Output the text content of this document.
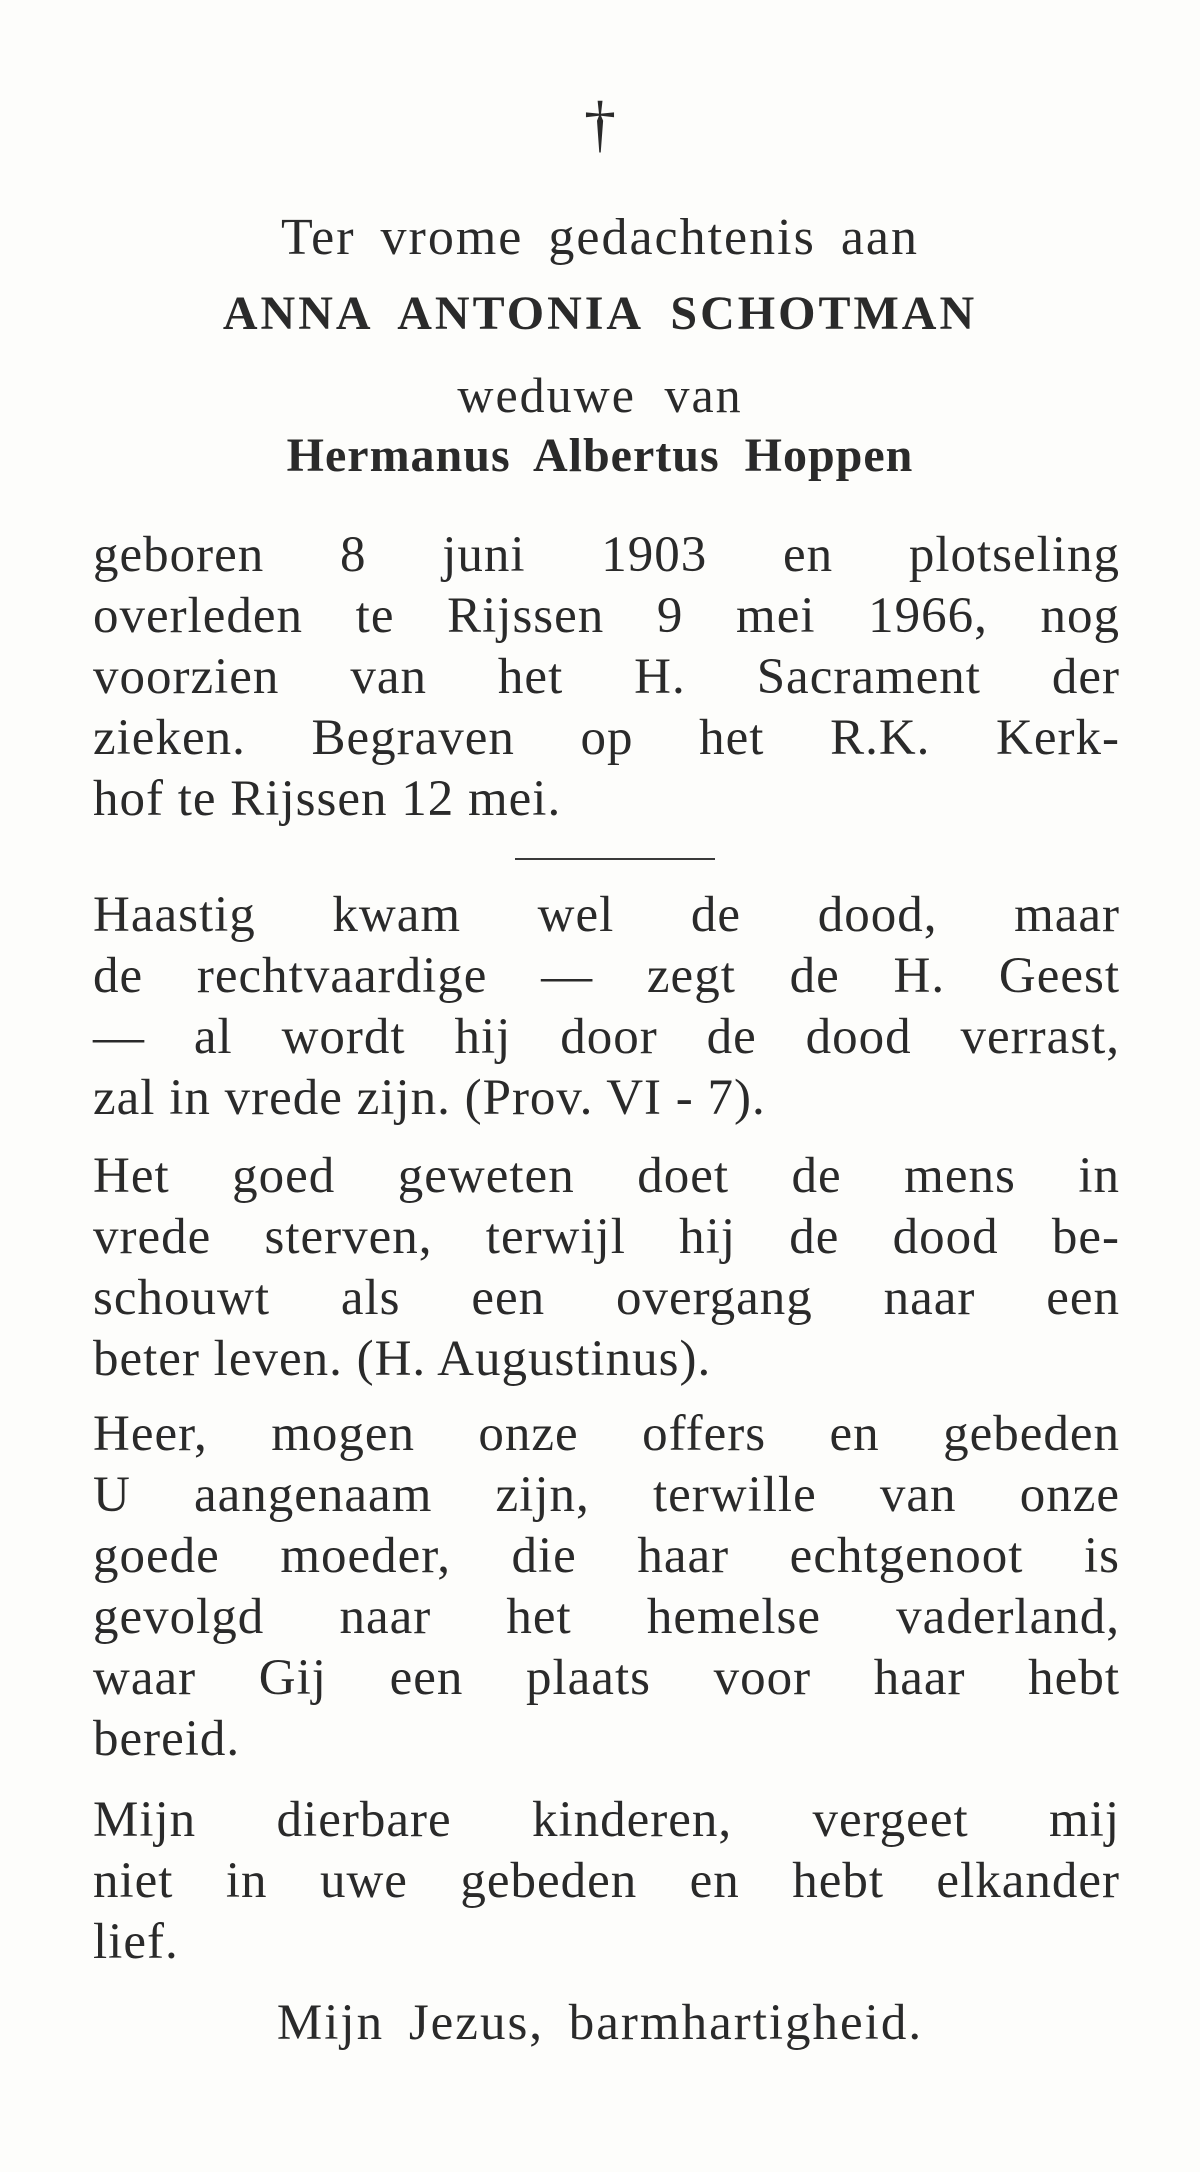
†
Ter vrome gedachtenis aan
ANNA ANTONIA SCHOTMAN
weduwe van
Hermanus Albertus Hoppen
geboren 8 juni 1903 en plotseling
overleden te Rijssen 9 mei 1966, nog
voorzien van het H. Sacrament der
zieken. Begraven op het R.K. Kerk-
hof te Rijssen 12 mei.
Haastig kwam wel de dood, maar
de rechtvaardige — zegt de H. Geest
— al wordt hij door de dood verrast,
zal in vrede zijn. (Prov. VI - 7).
Het goed geweten doet de mens in
vrede sterven, terwijl hij de dood be-
schouwt als een overgang naar een
beter leven. (H. Augustinus).
Heer, mogen onze offers en gebeden
U aangenaam zijn, terwille van onze
goede moeder, die haar echtgenoot is
gevolgd naar het hemelse vaderland,
waar Gij een plaats voor haar hebt
bereid.
Mijn dierbare kinderen, vergeet mij
niet in uwe gebeden en hebt elkander
lief.
Mijn Jezus, barmhartigheid.
